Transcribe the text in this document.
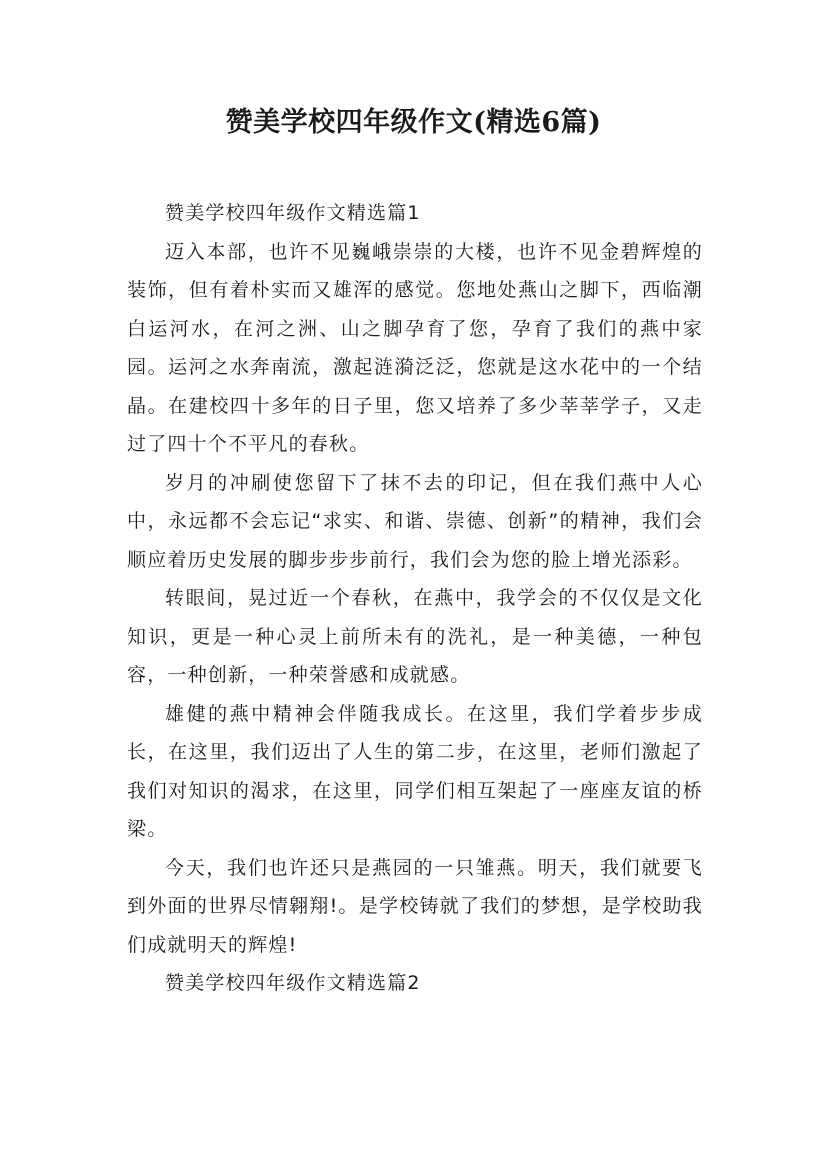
赞美学校四年级作文(精选6篇)

赞美学校四年级作文精选篇1

迈入本部，也许不见巍峨崇崇的大楼，也许不见金碧辉煌的装饰，但有着朴实而又雄浑的感觉。您地处燕山之脚下，西临潮白运河水，在河之洲、山之脚孕育了您，孕育了我们的燕中家园。运河之水奔南流，激起涟漪泛泛，您就是这水花中的一个结晶。在建校四十多年的日子里，您又培养了多少莘莘学子，又走过了四十个不平凡的春秋。

岁月的冲刷使您留下了抹不去的印记，但在我们燕中人心中，永远都不会忘记“求实、和谐、崇德、创新”的精神，我们会顺应着历史发展的脚步步步前行，我们会为您的脸上增光添彩。

转眼间，晃过近一个春秋，在燕中，我学会的不仅仅是文化知识，更是一种心灵上前所未有的洗礼，是一种美德，一种包容，一种创新，一种荣誉感和成就感。

雄健的燕中精神会伴随我成长。在这里，我们学着步步成长，在这里，我们迈出了人生的第二步，在这里，老师们激起了我们对知识的渴求，在这里，同学们相互架起了一座座友谊的桥梁。

今天，我们也许还只是燕园的一只雏燕。明天，我们就要飞到外面的世界尽情翱翔!。是学校铸就了我们的梦想，是学校助我们成就明天的辉煌!

赞美学校四年级作文精选篇2
